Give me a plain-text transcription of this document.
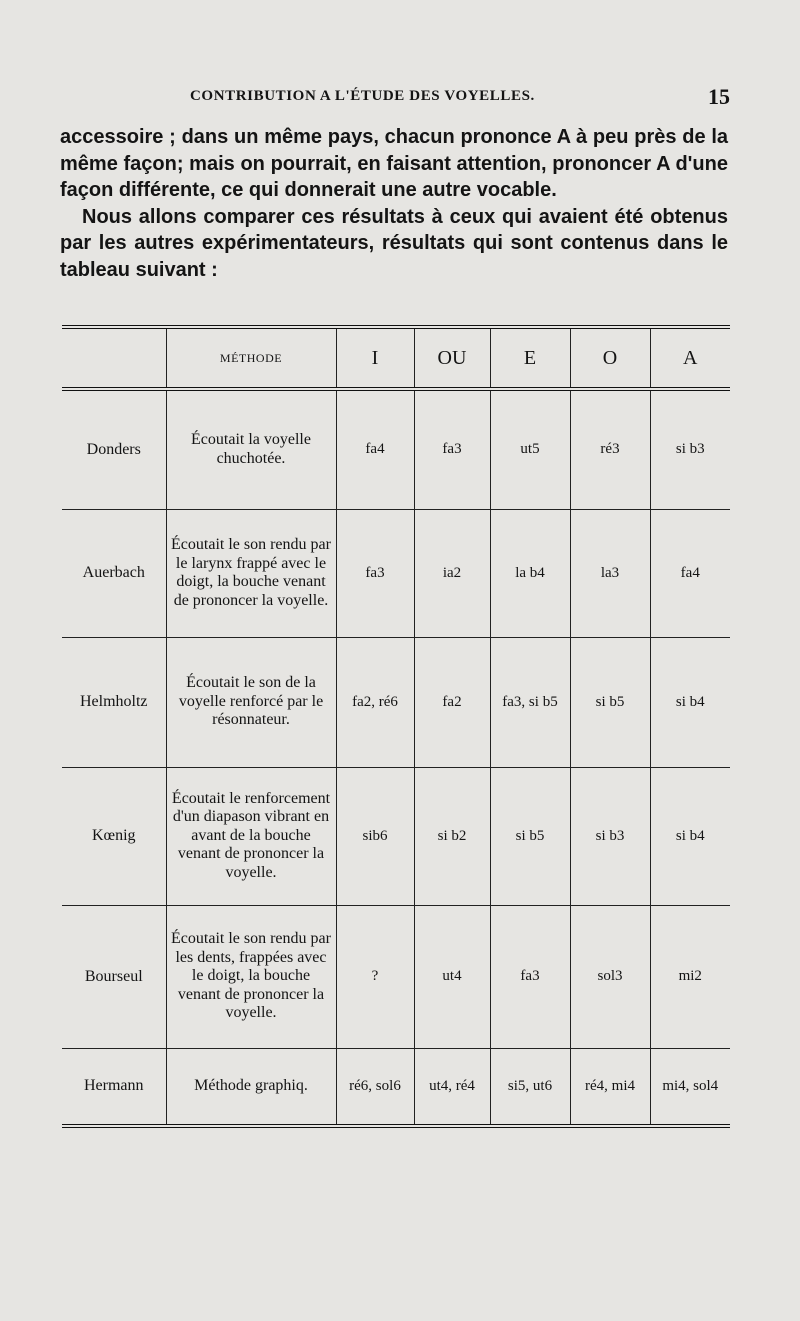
CONTRIBUTION A L'ÉTUDE DES VOYELLES.	15

accessoire ; dans un même pays, chacun prononce A à peu près de la même façon; mais on pourrait, en faisant attention, prononcer A d'une façon différente, ce qui donnerait une autre vocable.

Nous allons comparer ces résultats à ceux qui avaient été obtenus par les autres expérimentateurs, résultats qui sont contenus dans le tableau suivant :

	MÉTHODE	I	OU	E	O	A
Donders	Écoutait la voyelle chuchotée.	fa4	fa3	ut5	ré3	si b3
Auerbach	Écoutait le son rendu par le larynx frappé avec le doigt, la bouche venant de prononcer la voyelle.	fa3	ia2	la b4	la3	fa4
Helmholtz	Écoutait le son de la voyelle renforcé par le résonnateur.	fa2, ré6	fa2	fa3, si b5	si b5	si b4
Kœnig	Écoutait le renforcement d'un diapason vibrant en avant de la bouche venant de prononcer la voyelle.	sib6	si b2	si b5	si b3	si b4
Bourseul	Écoutait le son rendu par les dents, frappées avec le doigt, la bouche venant de prononcer la voyelle.	?	ut4	fa3	sol3	mi2
Hermann	Méthode graphiq.	ré6, sol6	ut4, ré4	si5, ut6	ré4, mi4	mi4, sol4
